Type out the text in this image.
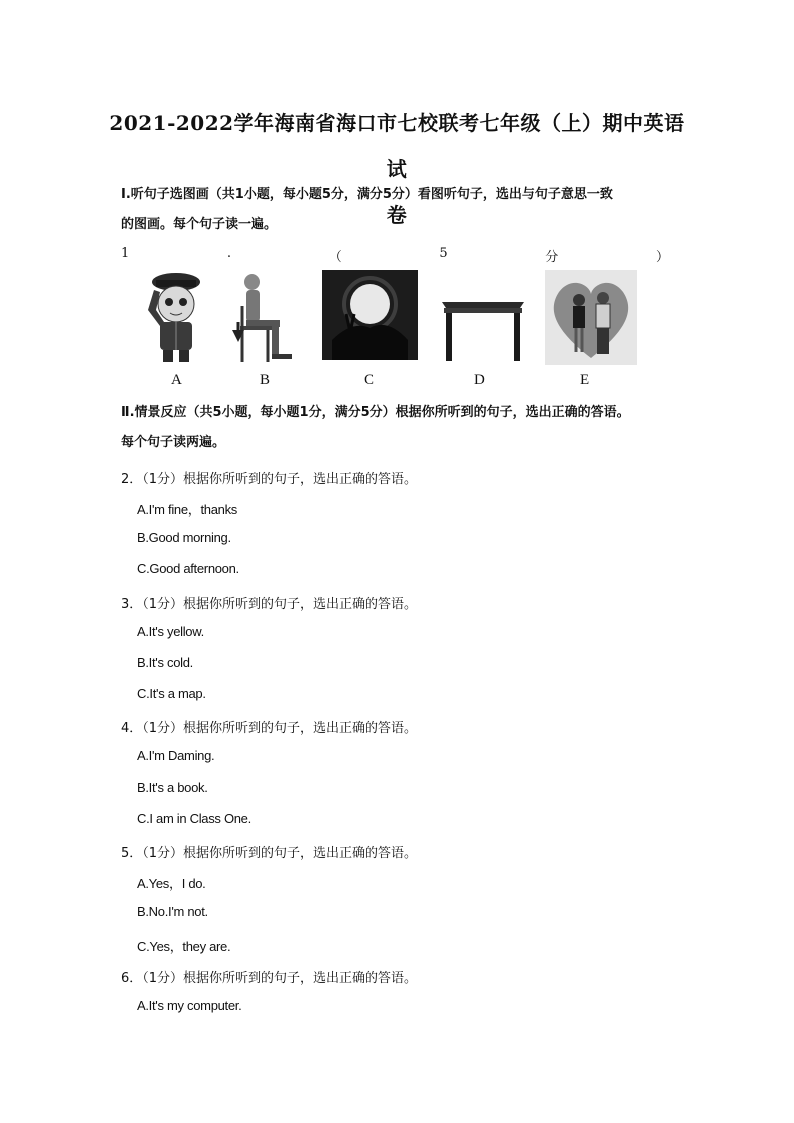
2021-2022学年海南省海口市七校联考七年级（上）期中英语试
卷
Ⅰ.听句子选图画（共1小题，每小题5分，满分5分）看图听句子，选出与句子意思一致
的图画。每个句子读一遍。
1	.	（	5	分	）
A	B	C	D	E
Ⅱ.情景反应（共5小题，每小题1分，满分5分）根据你所听到的句子，选出正确的答语。
每个句子读两遍。
2．（1分）根据你所听到的句子，选出正确的答语。
A.I'm fine，thanks
B.Good morning.
C.Good afternoon.
3．（1分）根据你所听到的句子，选出正确的答语。
A.It's yellow.
B.It's cold.
C.It's a map.
4．（1分）根据你所听到的句子，选出正确的答语。
A.I'm Daming.
B.It's a book.
C.I am in Class One.
5．（1分）根据你所听到的句子，选出正确的答语。
A.Yes，I do.
B.No.I'm not.
C.Yes，they are.
6．（1分）根据你所听到的句子，选出正确的答语。
A.It's my computer.
